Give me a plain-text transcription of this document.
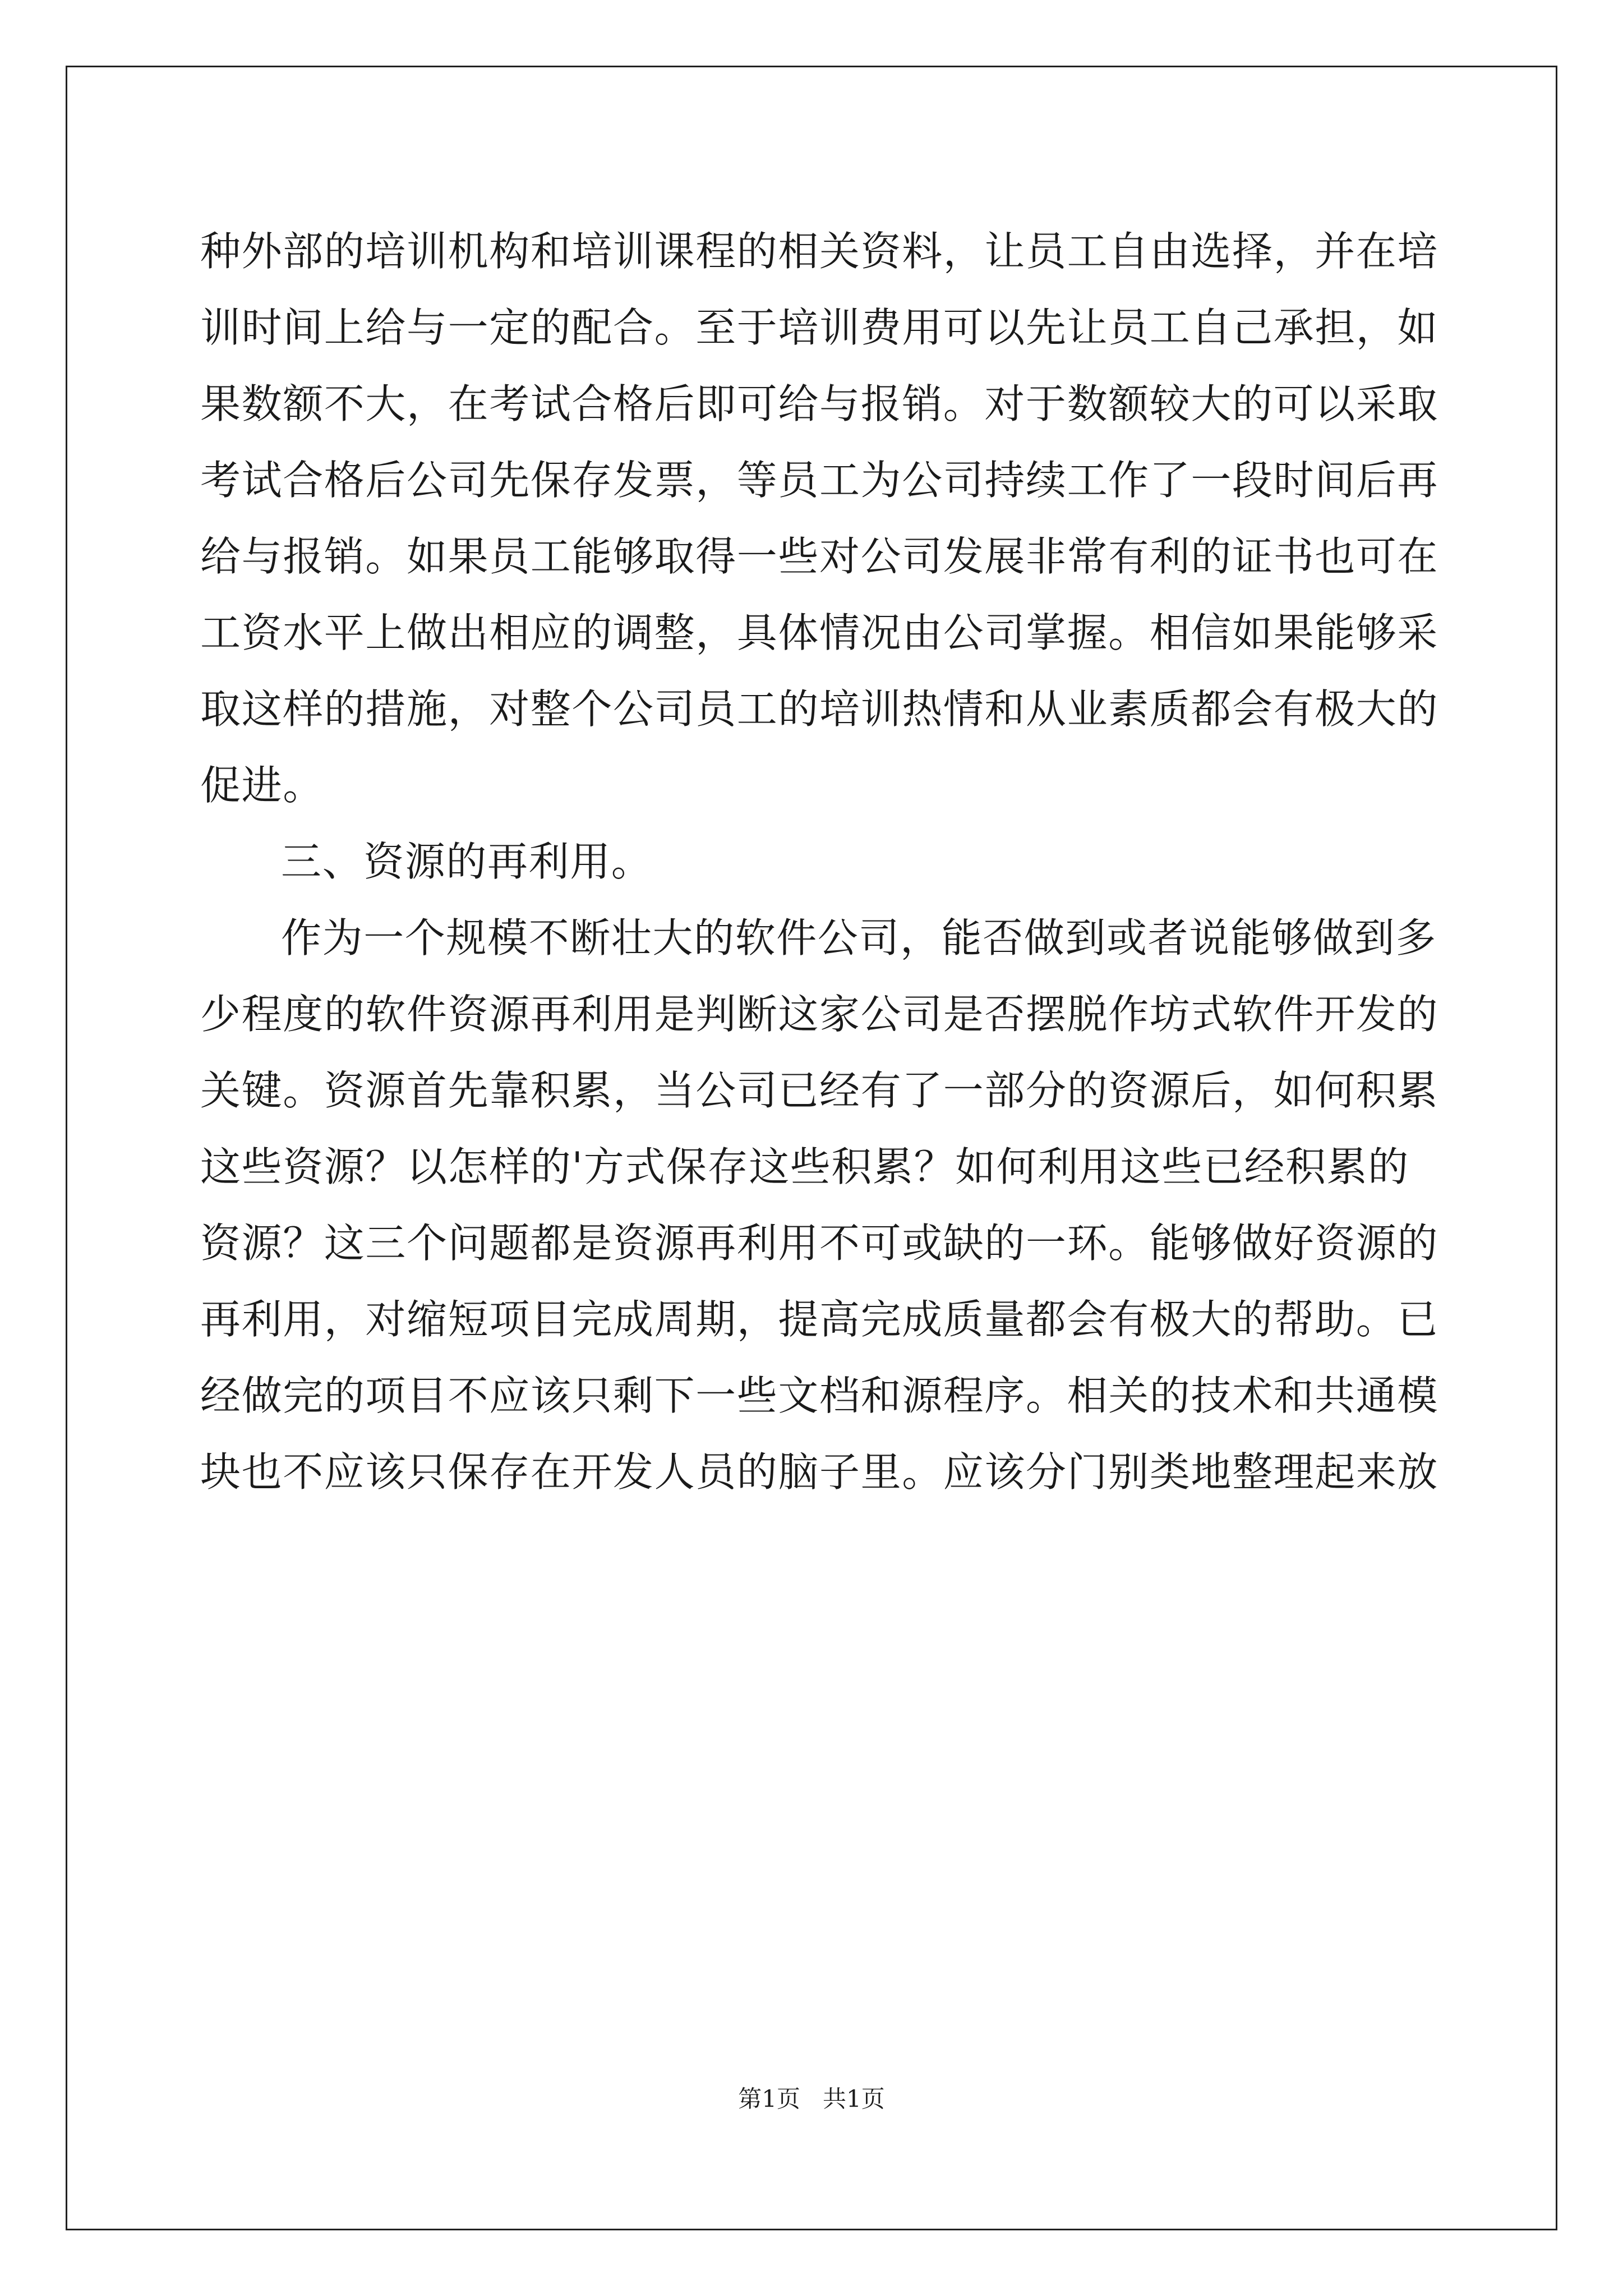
种外部的培训机构和培训课程的相关资料，让员工自由选择，并在培
训时间上给与一定的配合。至于培训费用可以先让员工自己承担，如
果数额不大，在考试合格后即可给与报销。对于数额较大的可以采取
考试合格后公司先保存发票，等员工为公司持续工作了一段时间后再
给与报销。如果员工能够取得一些对公司发展非常有利的证书也可在
工资水平上做出相应的调整，具体情况由公司掌握。相信如果能够采
取这样的措施，对整个公司员工的培训热情和从业素质都会有极大的
促进。
三、资源的再利用。
作为一个规模不断壮大的软件公司，能否做到或者说能够做到多
少程度的软件资源再利用是判断这家公司是否摆脱作坊式软件开发的
关键。资源首先靠积累，当公司已经有了一部分的资源后，如何积累
这些资源？以怎样的'方式保存这些积累？如何利用这些已经积累的
资源？这三个问题都是资源再利用不可或缺的一环。能够做好资源的
再利用，对缩短项目完成周期，提高完成质量都会有极大的帮助。已
经做完的项目不应该只剩下一些文档和源程序。相关的技术和共通模
块也不应该只保存在开发人员的脑子里。应该分门别类地整理起来放
第1页   共1页
